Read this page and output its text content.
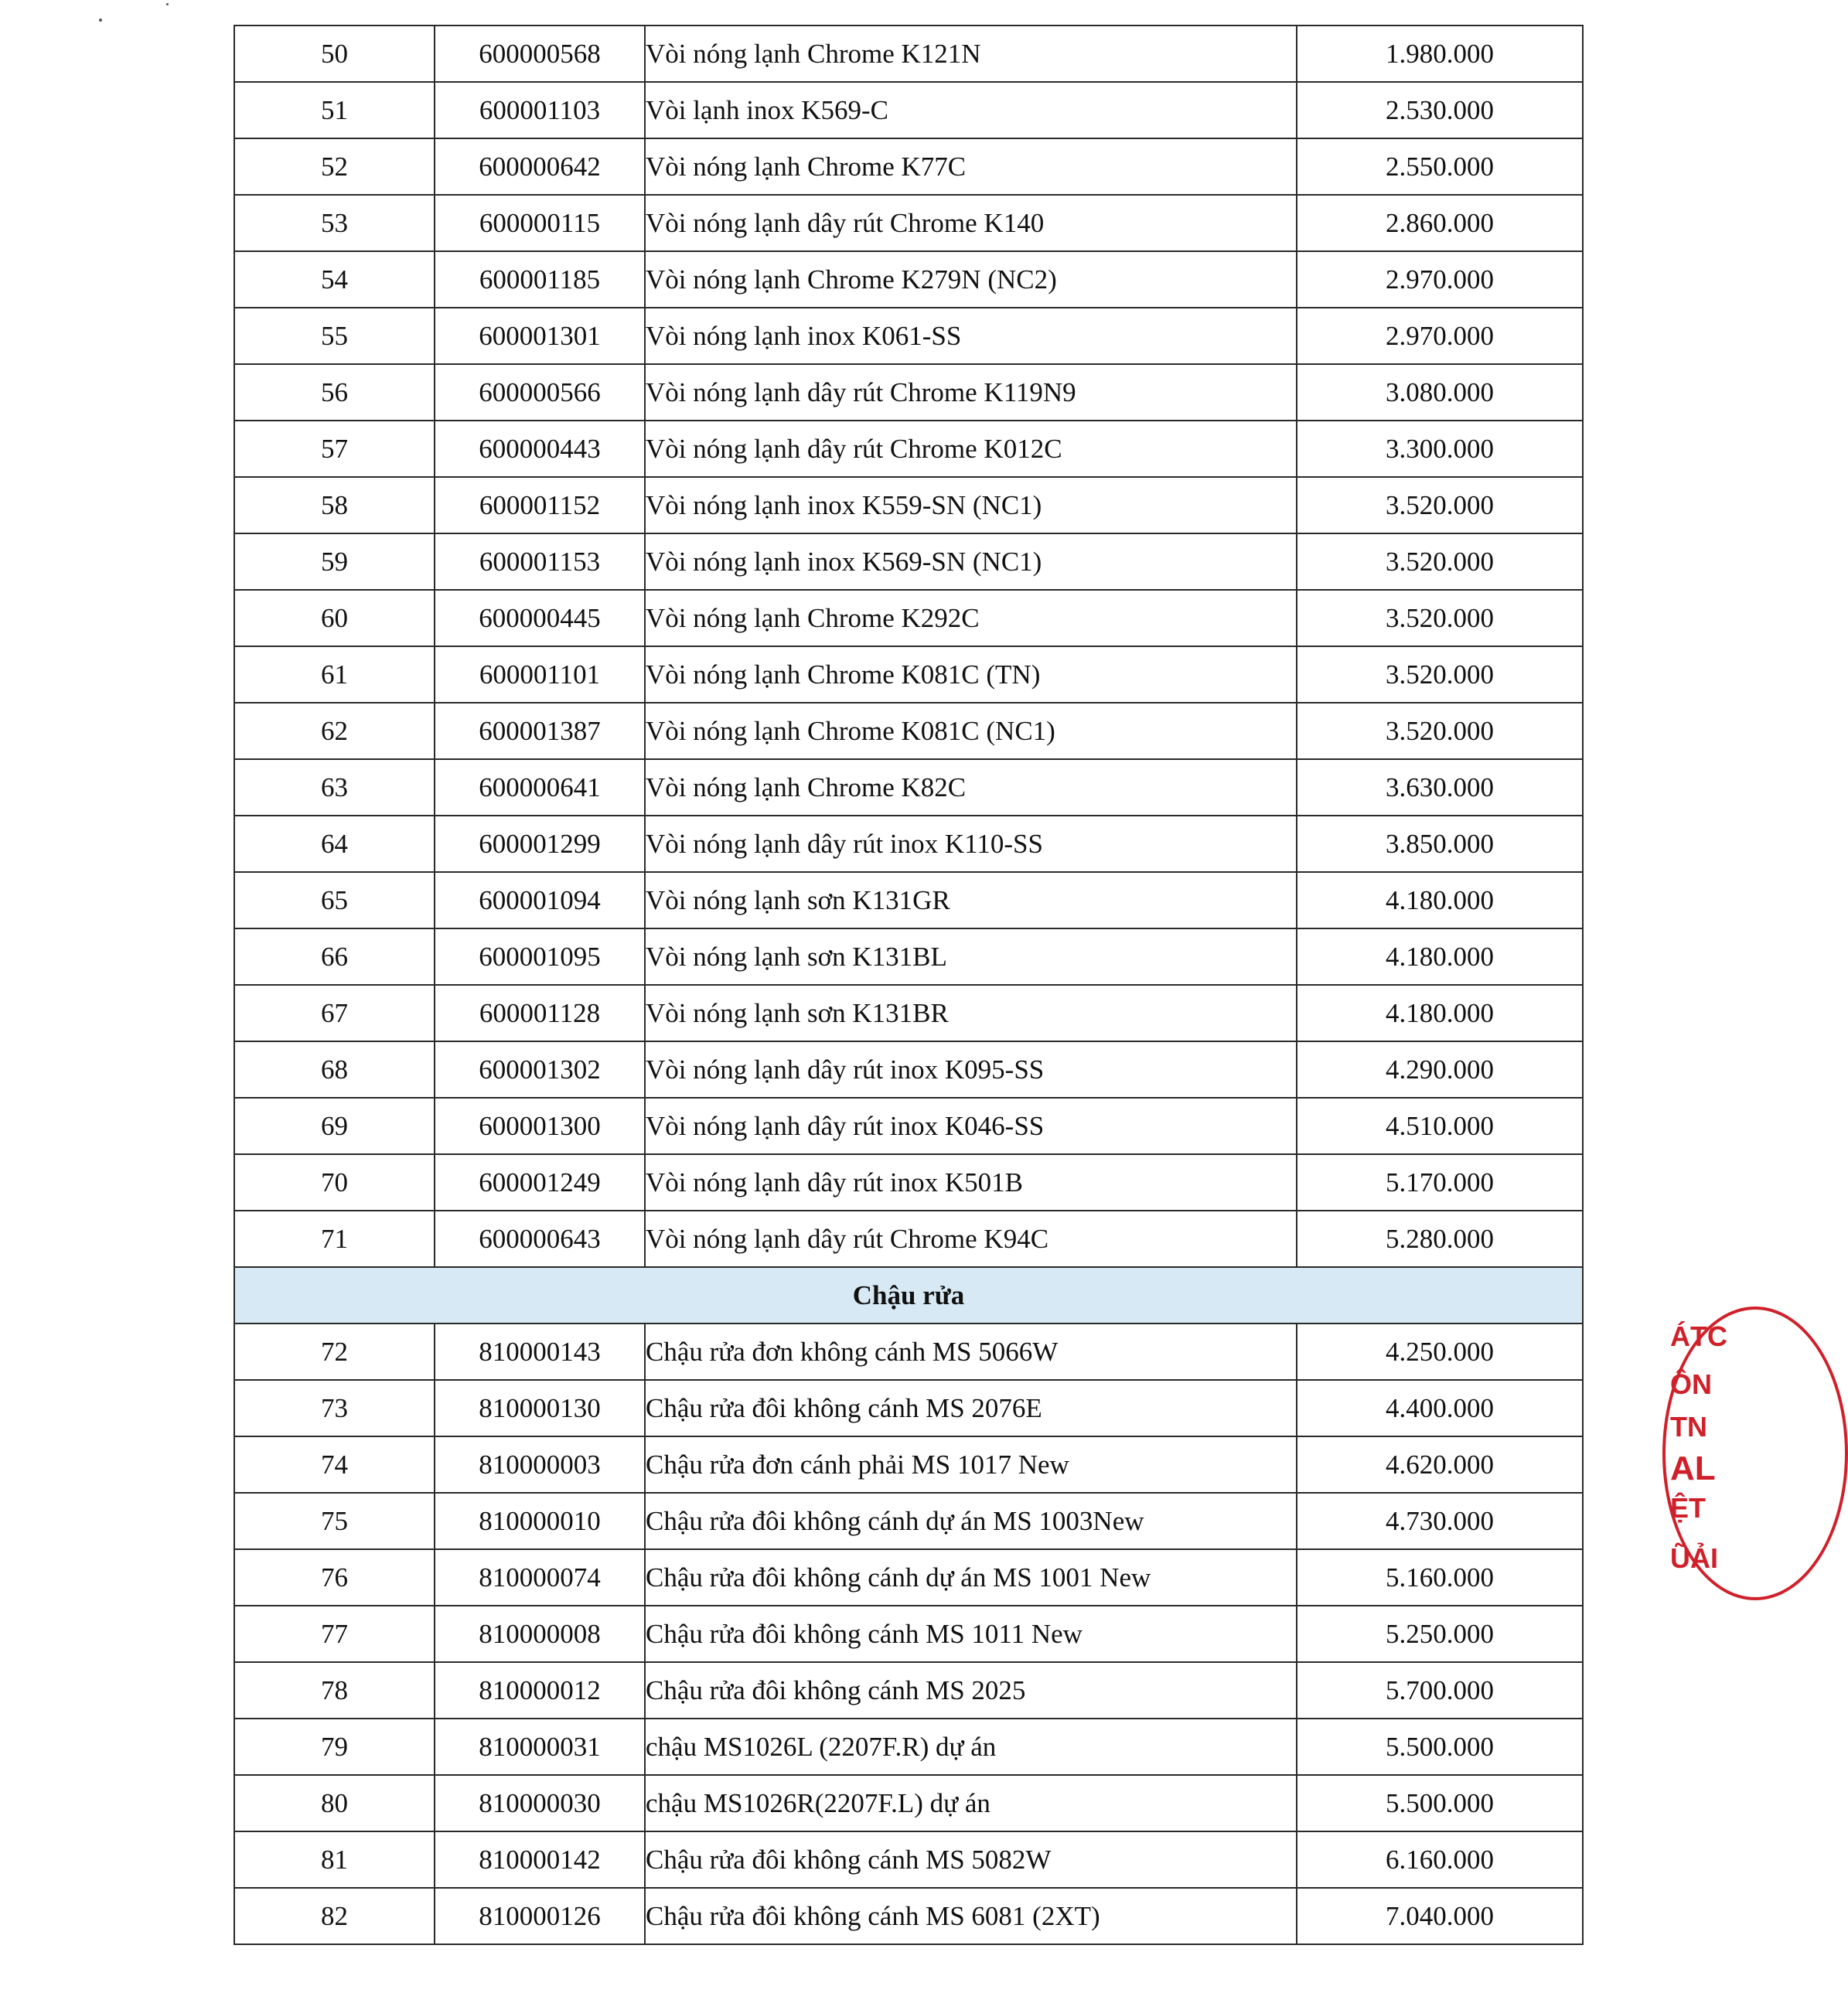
50	600000568	Vòi nóng lạnh Chrome K121N	1.980.000
51	600001103	Vòi lạnh inox K569-C	2.530.000
52	600000642	Vòi nóng lạnh Chrome K77C	2.550.000
53	600000115	Vòi nóng lạnh dây rút Chrome K140	2.860.000
54	600001185	Vòi nóng lạnh Chrome K279N (NC2)	2.970.000
55	600001301	Vòi nóng lạnh inox K061-SS	2.970.000
56	600000566	Vòi nóng lạnh dây rút Chrome K119N9	3.080.000
57	600000443	Vòi nóng lạnh dây rút Chrome K012C	3.300.000
58	600001152	Vòi nóng lạnh inox K559-SN (NC1)	3.520.000
59	600001153	Vòi nóng lạnh inox K569-SN (NC1)	3.520.000
60	600000445	Vòi nóng lạnh Chrome K292C	3.520.000
61	600001101	Vòi nóng lạnh Chrome K081C (TN)	3.520.000
62	600001387	Vòi nóng lạnh Chrome K081C (NC1)	3.520.000
63	600000641	Vòi nóng lạnh Chrome K82C	3.630.000
64	600001299	Vòi nóng lạnh dây rút inox K110-SS	3.850.000
65	600001094	Vòi nóng lạnh sơn K131GR	4.180.000
66	600001095	Vòi nóng lạnh sơn K131BL	4.180.000
67	600001128	Vòi nóng lạnh sơn K131BR	4.180.000
68	600001302	Vòi nóng lạnh dây rút inox K095-SS	4.290.000
69	600001300	Vòi nóng lạnh dây rút inox K046-SS	4.510.000
70	600001249	Vòi nóng lạnh dây rút inox K501B	5.170.000
71	600000643	Vòi nóng lạnh dây rút Chrome K94C	5.280.000
Chậu rửa			
72	810000143	Chậu rửa đơn không cánh MS 5066W	4.250.000
73	810000130	Chậu rửa đôi không cánh MS 2076E	4.400.000
74	810000003	Chậu rửa đơn cánh phải MS 1017 New	4.620.000
75	810000010	Chậu rửa đôi không cánh dự án MS 1003New	4.730.000
76	810000074	Chậu rửa đôi không cánh dự án MS 1001 New	5.160.000
77	810000008	Chậu rửa đôi không cánh MS 1011 New	5.250.000
78	810000012	Chậu rửa đôi không cánh MS 2025	5.700.000
79	810000031	chậu MS1026L (2207F.R) dự án	5.500.000
80	810000030	chậu MS1026R(2207F.L) dự án	5.500.000
81	810000142	Chậu rửa đôi không cánh MS 5082W	6.160.000
82	810000126	Chậu rửa đôi không cánh MS 6081 (2XT)	7.040.000
ÁTC
ÔN
TN
AL
ỆT
ŨẢI
